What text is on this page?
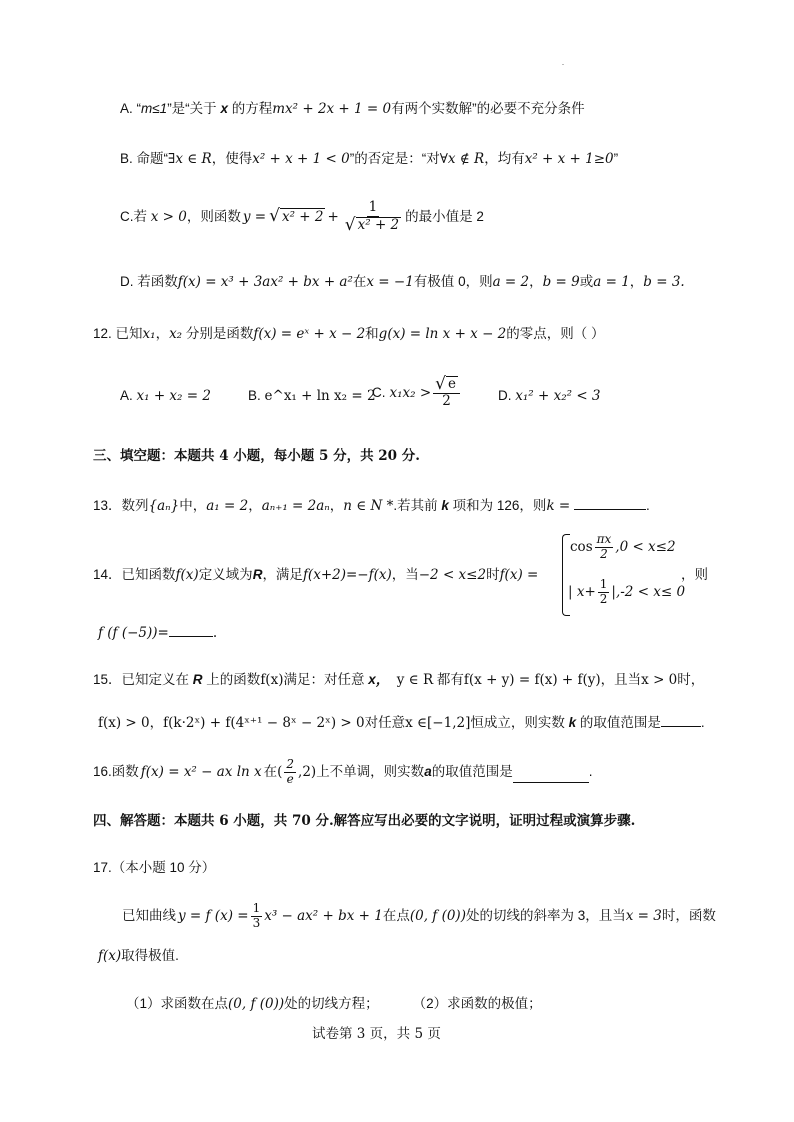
A. “m≤1”是“关于 x 的方程mx² + 2x + 1 = 0有两个实数解”的必要不充分条件
B. 命题“∃x ∈ R，使得x² + x + 1 < 0”的否定是：“对∀x ∉ R，均有x² + x + 1≥0”
C. 若
x > 0 ，则函数 y = √ $x^2 + 2 + \frac{1}{\text{√ x² + 2}}$ 的最小值是 2
D. 若函数f(x) = x³ + 3ax² + bx + a²在x = −1有极值 0，则a = 2，b = 9或a = 1，b = 3.
12. 已知x₁，x₂ 分别是函数f(x) = eˣ + x − 2和g(x) = ln x + x − 2的零点，则（ ）
A. x₁ + x₂ = 2	B. e^x₁ + ln x₂ = 2
C. $x_1x_2 > \frac{√ e}{2}$	D. x₁² + x₂² < 3
三、填空题：本题共 4 小题，每小题 5 分，共 20 分.
13．数列{aₙ}中，a₁ = 2，aₙ₊₁ = 2aₙ，n ∈ N *.若其前 k 项和为 126，则k =	.
14．已知函数f(x)定义域为R，满足f(x+2)=−f(x)，当−2 < x≤2时f(x) =
$\cos \frac{\pi x}{2} ,0 < x\le 2$
| $x+ \frac{1}{2} |,-2 < x\le 0$
，则
f (f (−5))=	.
15．已知定义在 R 上的函数f(x)满足：对任意 x， y ∈ R 都有f(x + y) = f(x) + f(y)，且当x > 0时，
f(x) > 0，f(k·2ˣ) + f(4ˣ⁺¹ − 8ˣ − 2ˣ) > 0对任意x ∈[−1,2]恒成立，则实数 k 的取值范围是	.
16. 函数 f(x) = x² − ax ln x 在 ( $\frac{2}{e} ,2$) 上不单调，则实数 a 的取值范围是	.
四、解答题：本题共 6 小题，共 70 分.解答应写出必要的文字说明，证明过程或演算步骤.
17.（本小题 10 分）
已知曲线 y = f $(x) = \frac{1}{3} x^3 - ax^2$ + bx + 1 在点 (0, f (0)) 处的切线的斜率为 3，且当 x = 3 时，函数
f(x)取得极值.
（1）求函数在点(0, f (0))处的切线方程；	（2）求函数的极值；
试卷第 3 页，共 5 页
